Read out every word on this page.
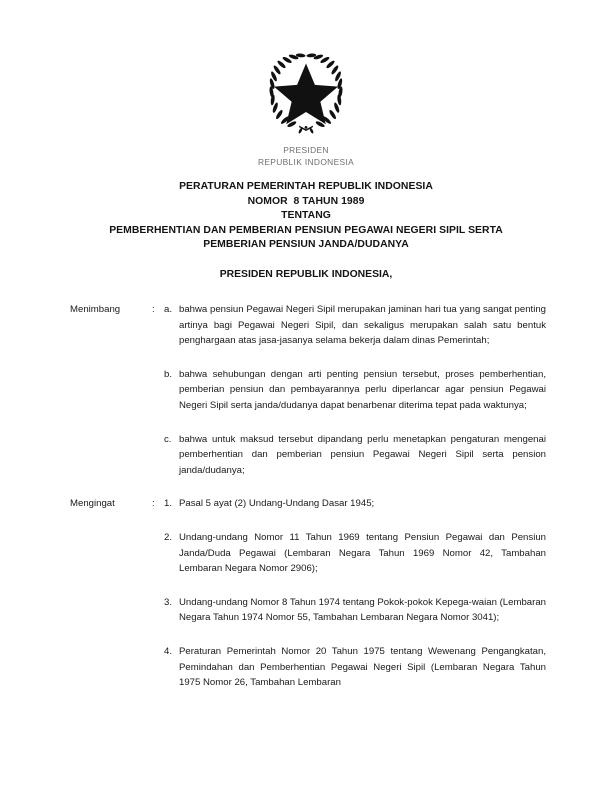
PRESIDEN
REPUBLIK INDONESIA
PERATURAN PEMERINTAH REPUBLIK INDONESIA
NOMOR  8 TAHUN 1989
TENTANG
PEMBERHENTIAN DAN PEMBERIAN PENSIUN PEGAWAI NEGERI SIPIL SERTA
PEMBERIAN PENSIUN JANDA/DUDANYA
PRESIDEN REPUBLIK INDONESIA,
Menimbang	: a. bahwa pensiun Pegawai Negeri Sipil merupakan jaminan hari tua yang sangat penting artinya bagi Pegawai Negeri Sipil, dan sekaligus merupakan salah satu bentuk penghargaan atas jasa-jasanya selama bekerja dalam dinas Pemerintah;
b. bahwa sehubungan dengan arti penting pensiun tersebut, proses pemberhentian, pemberian pensiun dan pembayarannya perlu diperlancar agar pensiun Pegawai Negeri Sipil serta janda/dudanya dapat benarbenar diterima tepat pada waktunya;
c. bahwa untuk maksud tersebut dipandang perlu menetapkan pengaturan mengenai pemberhentian dan pemberian pensiun Pegawai Negeri Sipil serta pension janda/dudanya;
Mengingat	: 1. Pasal 5 ayat (2) Undang-Undang Dasar 1945;
2. Undang-undang Nomor 11 Tahun 1969 tentang Pensiun Pegawai dan Pensiun Janda/Duda Pegawai (Lembaran Negara Tahun 1969 Nomor 42, Tambahan Lembaran Negara Nomor 2906);
3. Undang-undang Nomor 8 Tahun 1974 tentang Pokok-pokok Kepega-waian (Lembaran Negara Tahun 1974 Nomor 55, Tambahan Lembaran Negara Nomor 3041);
4. Peraturan Pemerintah Nomor 20 Tahun 1975 tentang Wewenang Pengangkatan, Pemindahan dan Pemberhentian Pegawai Negeri Sipil (Lembaran Negara Tahun 1975 Nomor 26, Tambahan Lembaran
